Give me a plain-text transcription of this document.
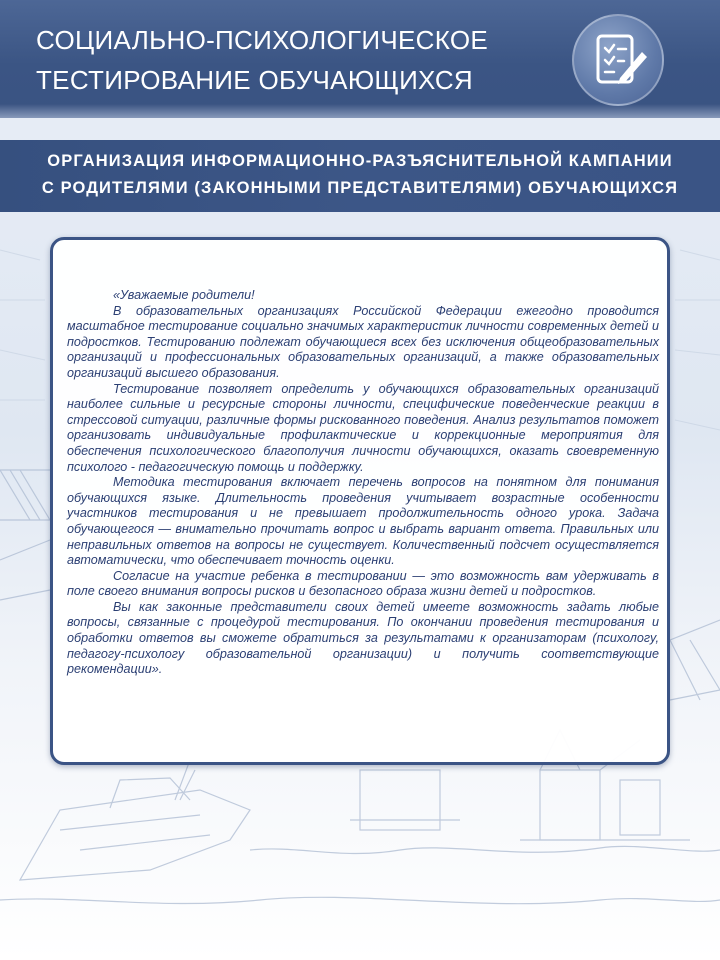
СОЦИАЛЬНО-ПСИХОЛОГИЧЕСКОЕ
ТЕСТИРОВАНИЕ ОБУЧАЮЩИХСЯ
ОРГАНИЗАЦИЯ ИНФОРМАЦИОННО-РАЗЪЯСНИТЕЛЬНОЙ КАМПАНИИ
С РОДИТЕЛЯМИ (ЗАКОННЫМИ ПРЕДСТАВИТЕЛЯМИ) ОБУЧАЮЩИХСЯ

«Уважаемые родители!

В образовательных организациях Российской Федерации ежегодно проводится масштабное тестирование социально значимых характеристик личности современных детей и подростков. Тестированию подлежат обучающиеся всех без исключения общеобразовательных организаций и профессиональных образовательных организаций, а также образовательных организаций высшего образования.

Тестирование позволяет определить у обучающихся образовательных организаций наиболее сильные и ресурсные стороны личности, специфические поведенческие реакции в стрессовой ситуации, различные формы рискованного поведения. Анализ результатов поможет организовать индивидуальные профилактические и коррекционные мероприятия для обеспечения психологического благополучия личности обучающихся, оказать своевременную психолого - педагогическую помощь и поддержку.

Методика тестирования включает перечень вопросов на понятном для понимания обучающихся языке. Длительность проведения учитывает возрастные особенности участников тестирования и не превышает продолжительность одного урока. Задача обучающегося — внимательно прочитать вопрос и выбрать вариант ответа. Правильных или неправильных ответов на вопросы не существует. Количественный подсчет осуществляется автоматически, что обеспечивает точность оценки.

Согласие на участие ребенка в тестировании — это возможность вам удерживать в поле своего внимания вопросы рисков и безопасного образа жизни детей и подростков.

Вы как законные представители своих детей имеете возможность задать любые вопросы, связанные с процедурой тестирования. По окончании проведения тестирования и обработки ответов вы сможете обратиться за результатами к организаторам (психологу, педагогу-психологу образовательной организации) и получить соответствующие рекомендации».
